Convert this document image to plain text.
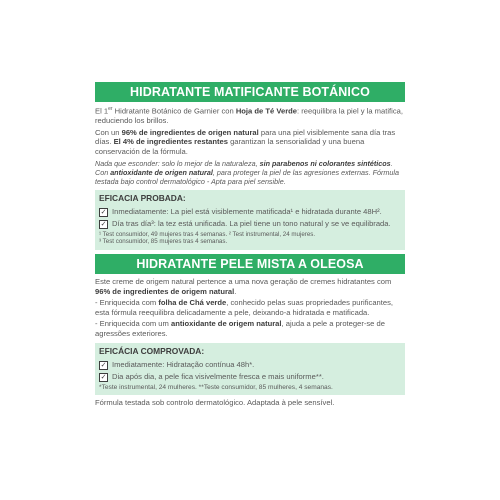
HIDRATANTE MATIFICANTE BOTÁNICO

El 1er Hidratante Botánico de Garnier con Hoja de Té Verde: reequilibra la piel y la matifica, reduciendo los brillos.

Con un 96% de ingredientes de origen natural para una piel visiblemente sana día tras días. El 4% de ingredientes restantes garantizan la sensorialidad y una buena conservación de la fórmula.

Nada que esconder: solo lo mejor de la naturaleza, sin parabenos ni colorantes sintéticos. Con antioxidante de origen natural, para proteger la piel de las agresiones externas. Fórmula testada bajo control dermatológico - Apta para piel sensible.

EFICACIA PROBADA:
✓ Inmediatamente: La piel está visiblemente matificada¹ e hidratada durante 48H².
✓ Día tras día³: la tez está unificada. La piel tiene un tono natural y se ve equilibrada.
¹ Test consumidor, 49 mujeres tras 4 semanas. ² Test instrumental, 24 mujeres.
³ Test consumidor, 85 mujeres tras 4 semanas.
HIDRATANTE PELE MISTA A OLEOSA

Este creme de origem natural pertence a uma nova geração de cremes hidratantes com 96% de ingredientes de origem natural.

- Enriquecida com folha de Chá verde, conhecido pelas suas propriedades purificantes, esta fórmula reequilibra delicadamente a pele, deixando-a hidratada e matificada.

- Enriquecida com um antioxidante de origem natural, ajuda a pele a proteger-se de agressões exteriores.

EFICÁCIA COMPROVADA:
✓ Imediatamente: Hidratação contínua 48h*.
✓ Dia após dia, a pele fica visivelmente fresca e mais uniforme**.
*Teste instrumental, 24 mulheres. **Teste consumidor, 85 mulheres, 4 semanas.

Fórmula testada sob controlo dermatológico. Adaptada à pele sensível.
